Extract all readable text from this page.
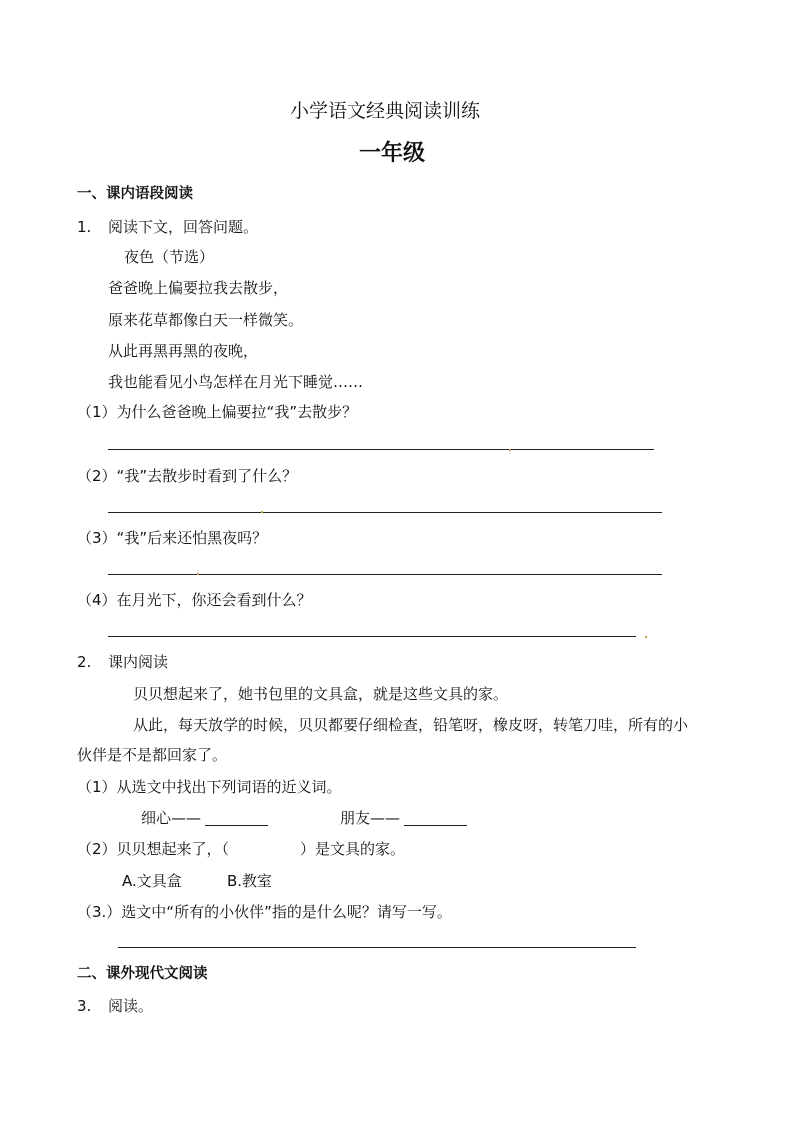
小学语文经典阅读训练
一年级
一、课内语段阅读
1. 阅读下文，回答问题。
夜色（节选）
爸爸晚上偏要拉我去散步，
原来花草都像白天一样微笑。
从此再黑再黑的夜晚，
我也能看见小鸟怎样在月光下睡觉……
（1）为什么爸爸晚上偏要拉“我”去散步？
（2）“我”去散步时看到了什么？
（3）“我”后来还怕黑夜吗？
（4）在月光下，你还会看到什么？
2. 课内阅读
贝贝想起来了，她书包里的文具盒，就是这些文具的家。
从此，每天放学的时候，贝贝都要仔细检查，铅笔呀，橡皮呀，转笔刀哇，所有的小
伙伴是不是都回家了。
（1）从选文中找出下列词语的近义词。
细心——	朋友——
（2）贝贝想起来了，（	）是文具的家。
A.文具盒	B.教室
（3.）选文中“所有的小伙伴”指的是什么呢？请写一写。
二、课外现代文阅读
3. 阅读。
